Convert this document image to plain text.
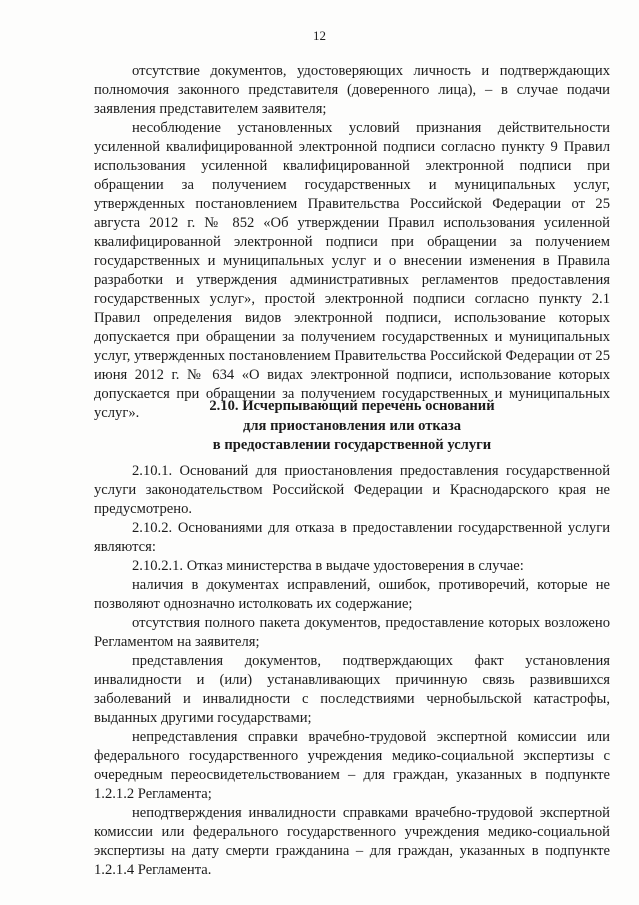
12

отсутствие документов, удостоверяющих личность и подтверждающих полномочия законного представителя (доверенного лица), – в случае подачи заявления представителем заявителя;

несоблюдение установленных условий признания действительности усиленной квалифицированной электронной подписи согласно пункту 9 Правил использования усиленной квалифицированной электронной подписи при обращении за получением государственных и муниципальных услуг, утвержденных постановлением Правительства Российской Федерации от 25 августа 2012 г. № 852 «Об утверждении Правил использования усиленной квалифицированной электронной подписи при обращении за получением государственных и муниципальных услуг и о внесении изменения в Правила разработки и утверждения административных регламентов предоставления государственных услуг», простой электронной подписи согласно пункту 2.1 Правил определения видов электронной подписи, использование которых допускается при обращении за получением государственных и муниципальных услуг, утвержденных постановлением Правительства Российской Федерации от 25 июня 2012 г. № 634 «О видах электронной подписи, использование которых допускается при обращении за получением государственных и муниципальных услуг».	2.10. Исчерпывающий перечень оснований
для приостановления или отказа
в предоставлении государственной услуги

2.10.1. Оснований для приостановления предоставления государственной услуги законодательством Российской Федерации и Краснодарского края не предусмотрено.

2.10.2. Основаниями для отказа в предоставлении государственной услуги являются:

2.10.2.1. Отказ министерства в выдаче удостоверения в случае:

наличия в документах исправлений, ошибок, противоречий, которые не позволяют однозначно истолковать их содержание;

отсутствия полного пакета документов, предоставление которых возложено Регламентом на заявителя;

представления документов, подтверждающих факт установления инвалидности и (или) устанавливающих причинную связь развившихся заболеваний и инвалидности с последствиями чернобыльской катастрофы, выданных другими государствами;

непредставления справки врачебно-трудовой экспертной комиссии или федерального государственного учреждения медико-социальной экспертизы с очередным переосвидетельствованием – для граждан, указанных в подпункте 1.2.1.2 Регламента;

неподтверждения инвалидности справками врачебно-трудовой экспертной комиссии или федерального государственного учреждения медико-социальной экспертизы на дату смерти гражданина – для граждан, указанных в подпункте 1.2.1.4 Регламента.
